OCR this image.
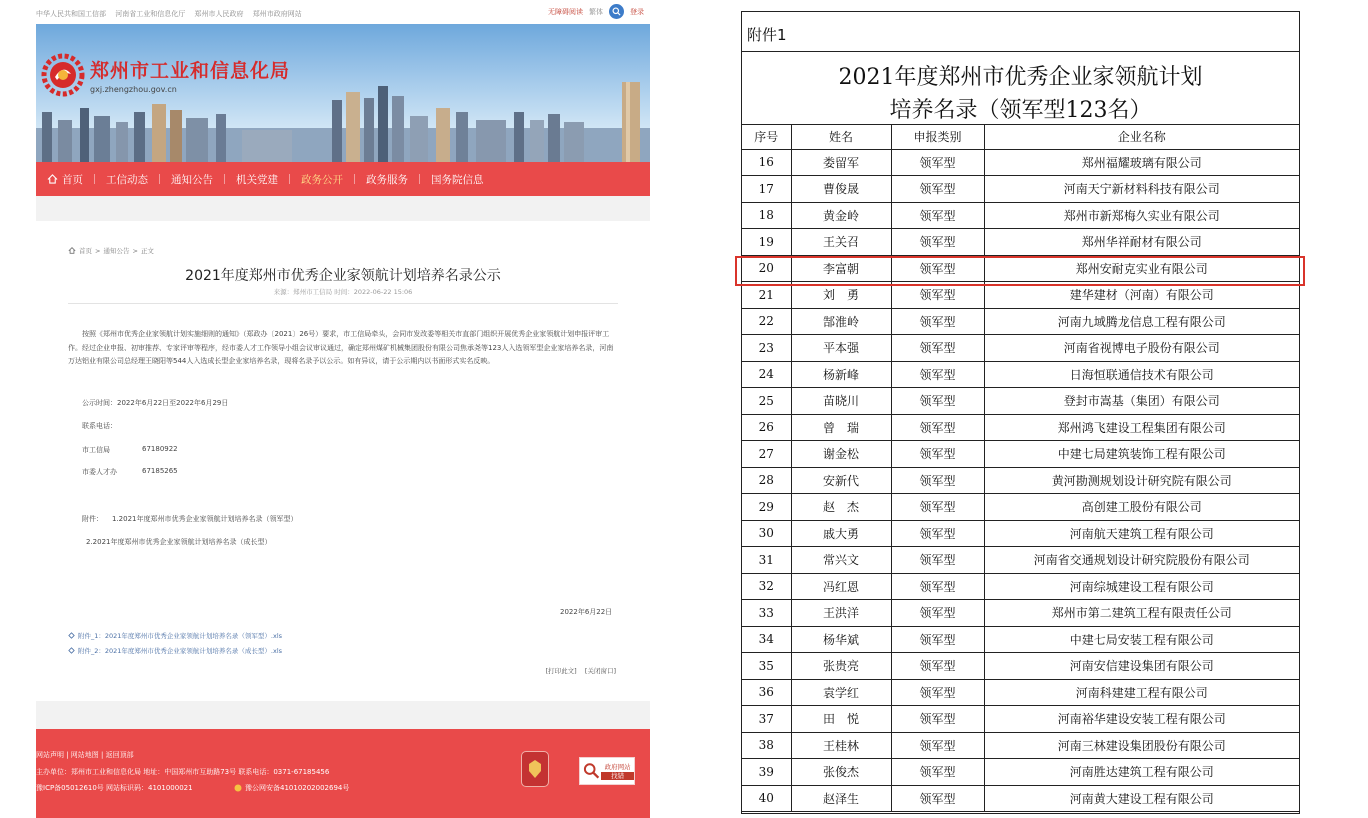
中华人民共和国工信部 河南省工业和信息化厅 郑州市人民政府 郑州市政府网站	无障碍阅读 繁体	登录
郑州市工业和信息化局
gxj.zhengzhou.gov.cn
首页	工信动态	通知公告	机关党建	政务公开	政务服务	国务院信息
首页 > 通知公告 > 正文
2021年度郑州市优秀企业家领航计划培养名录公示
来源：郑州市工信局 时间：2022-06-22 15:06
按照《郑州市优秀企业家领航计划实施细则的通知》（郑政办〔2021〕26号）要求，市工信局牵头，会同市发改委等相关市直部门组织开展优秀企业家领航计划申报评审工作。经过企业申报、初审推荐、专家评审等程序，经市委人才工作领导小组会议审议通过，确定郑州煤矿机械集团股份有限公司焦承尧等123人入选领军型企业家培养名录，河南万达铝业有限公司总经理王晓阳等544人入选成长型企业家培养名录，现将名录予以公示。如有异议，请于公示期内以书面形式实名反映。
公示时间：2022年6月22日至2022年6月29日
联系电话：
市工信局	67180922
市委人才办	67185265
附件： 1.2021年度郑州市优秀企业家领航计划培养名录（领军型）
2.2021年度郑州市优秀企业家领航计划培养名录（成长型）
2022年6月22日
附件_1：2021年度郑州市优秀企业家领航计划培养名录（领军型）.xls
附件_2：2021年度郑州市优秀企业家领航计划培养名录（成长型）.xls
[打印此文] [关闭窗口]
网站声明 | 网站地图 | 返回顶部
主办单位：郑州市工业和信息化局 地址：中国郑州市互助路73号 联系电话：0371-67185456
豫ICP备05012610号 网站标识码：4101000021	豫公网安备41010202002694号
政府网站
找错
附件1
2021年度郑州市优秀企业家领航计划
培养名录（领军型123名）
序号	姓名	申报类别	企业名称
16	娄留军	领军型	郑州福耀玻璃有限公司
17	曹俊晟	领军型	河南天宁新材料科技有限公司
18	黄金岭	领军型	郑州市新郑梅久实业有限公司
19	王关召	领军型	郑州华祥耐材有限公司
20	李富朝	领军型	郑州安耐克实业有限公司
21	刘　勇	领军型	建华建材（河南）有限公司
22	郜淮岭	领军型	河南九域腾龙信息工程有限公司
23	平本强	领军型	河南省视博电子股份有限公司
24	杨新峰	领军型	日海恒联通信技术有限公司
25	苗晓川	领军型	登封市嵩基（集团）有限公司
26	曾　瑞	领军型	郑州鸿飞建设工程集团有限公司
27	谢金松	领军型	中建七局建筑装饰工程有限公司
28	安新代	领军型	黄河勘测规划设计研究院有限公司
29	赵　杰	领军型	高创建工股份有限公司
30	戚大勇	领军型	河南航天建筑工程有限公司
31	常兴文	领军型	河南省交通规划设计研究院股份有限公司
32	冯红恩	领军型	河南综城建设工程有限公司
33	王洪洋	领军型	郑州市第二建筑工程有限责任公司
34	杨华斌	领军型	中建七局安装工程有限公司
35	张贵亮	领军型	河南安信建设集团有限公司
36	袁学红	领军型	河南科建建工程有限公司
37	田　悦	领军型	河南裕华建设安装工程有限公司
38	王桂林	领军型	河南三林建设集团股份有限公司
39	张俊杰	领军型	河南胜达建筑工程有限公司
40	赵泽生	领军型	河南黄大建设工程有限公司
